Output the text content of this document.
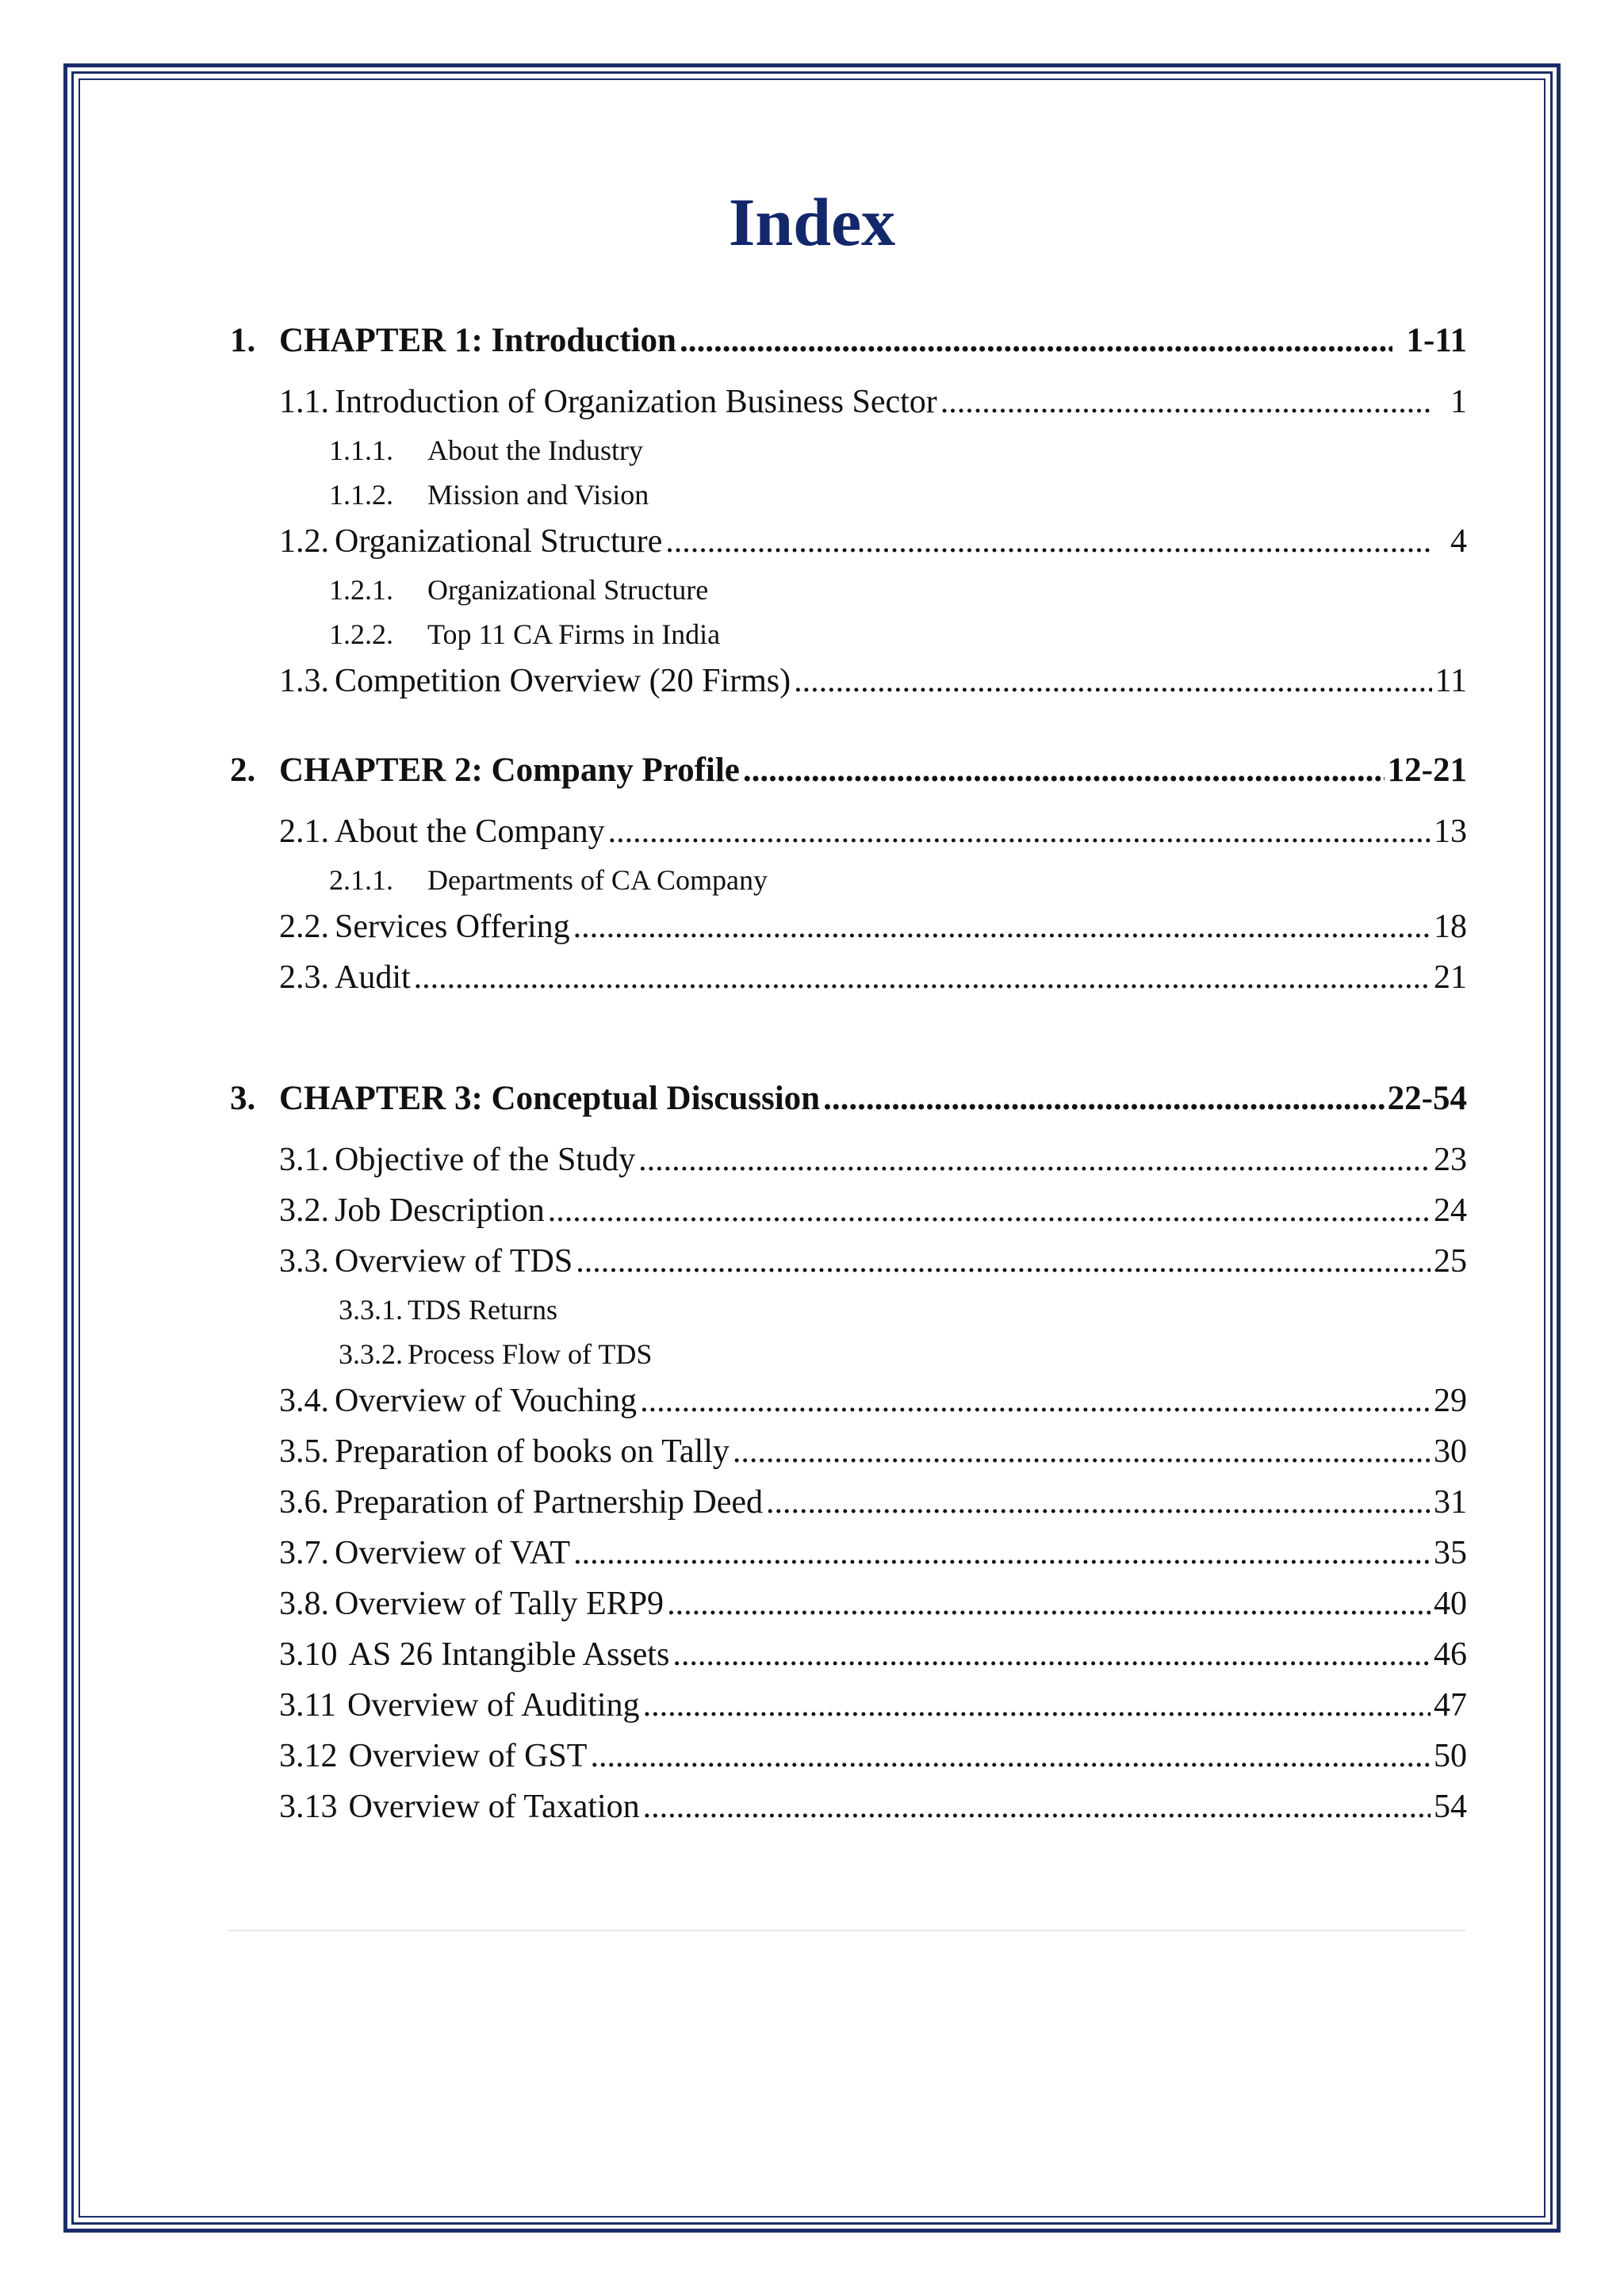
Index
1. CHAPTER 1: Introduction .....	1-11
1.1. Introduction of Organization Business Sector .....	1
1.1.1.	About the Industry
1.1.2.	Mission and Vision
1.2. Organizational Structure .....	4
1.2.1.	Organizational Structure
1.2.2.	Top 11 CA Firms in India
1.3. Competition Overview (20 Firms) .....	11
2. CHAPTER 2: Company Profile .....	12-21
2.1. About the Company .....	13
2.1.1.	Departments of CA Company
2.2. Services Offering .....	18
2.3. Audit .....	21
3. CHAPTER 3: Conceptual Discussion .....	22-54
3.1. Objective of the Study .....	23
3.2. Job Description .....	24
3.3. Overview of TDS .....	25
3.3.1. TDS Returns
3.3.2. Process Flow of TDS
3.4. Overview of Vouching .....	29
3.5. Preparation of books on Tally .....	30
3.6. Preparation of Partnership Deed .....	31
3.7. Overview of VAT .....	35
3.8. Overview of Tally ERP9 .....	40
3.10 AS 26 Intangible Assets .....	46
3.11 Overview of Auditing .....	47
3.12 Overview of GST .....	50
3.13 Overview of Taxation .....	54
